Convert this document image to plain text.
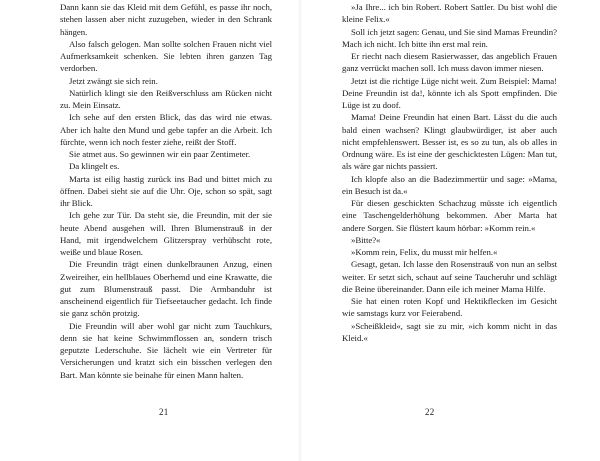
Dann kann sie das Kleid mit dem Gefühl, es passe ihr noch, stehen lassen aber nicht zuzugeben, wieder in den Schrank hängen.

Also falsch gelogen. Man sollte solchen Frauen nicht viel Aufmerksamkeit schenken. Sie lebten ihren ganzen Tag verdorben.

Jetzt zwängt sie sich rein.

Natürlich klingt sie den Reißverschluss am Rücken nicht zu. Mein Einsatz.

Ich sehe auf den ersten Blick, das das wird nie etwas. Aber ich halte den Mund und gebe tapfer an die Arbeit. Ich fürchte, wenn ich noch fester ziehe, reißt der Stoff.

Sie atmet aus. So gewinnen wir ein paar Zentimeter.

Da klingelt es.

Marta ist eilig hastig zurück ins Bad und bittet mich zu öffnen. Dabei sieht sie auf die Uhr. Oje, schon so spät, sagt ihr Blick.

Ich gehe zur Tür. Da steht sie, die Freundin, mit der sie heute Abend ausgehen will. Ihren Blumenstrauß in der Hand, mit irgendwelchem Glitzerspray verhübscht rote, weiße und blaue Rosen.

Die Freundin trägt einen dunkelbraunen Anzug, einen Zweireiher, ein hellblaues Oberhemd und eine Krawatte, die gut zum Blumenstrauß passt. Die Armbanduhr ist anscheinend eigentlich für Tiefseetaucher gedacht. Ich finde sie ganz schön protzig.

Die Freundin will aber wohl gar nicht zum Tauchkurs, denn sie hat keine Schwimmflossen an, sondern trisch geputzte Lederschuhe. Sie lächelt wie ein Vertreter für Versicherungen und kratzt sich ein bisschen verlegen den Bart. Man könnte sie beinahe für einen Mann halten.

21

»Ja Ihre... ich bin Robert. Robert Sattler. Du bist wohl die kleine Felix.«

Soll ich jetzt sagen: Genau, und Sie sind Mamas Freundin? Mach ich nicht. Ich bitte ihn erst mal rein.

Er riecht nach diesem Rasierwasser, das angeblich Frauen ganz verrückt machen soll. Ich muss davon immer niesen.

Jetzt ist die richtige Lüge nicht weit. Zum Beispiel: Mama! Deine Freundin ist da!, könnte ich als Spott empfinden. Die Lüge ist zu doof.

Mama! Deine Freundin hat einen Bart. Lässt du die auch bald einen wachsen? Klingt glaubwürdiger, ist aber auch nicht empfehlenswert. Besser ist, es so zu tun, als ob alles in Ordnung wäre. Es ist eine der geschicktesten Lügen: Man tut, als wäre gar nichts passiert.

Ich klopfe also an die Badezimmertür und sage: »Mama, ein Besuch ist da.«

Für diesen geschickten Schachzug müsste ich eigentlich eine Taschengelderhöhung bekommen. Aber Marta hat andere Sorgen. Sie flüstert kaum hörbar: »Komm rein.«

»Bitte?«

»Komm rein, Felix, du musst mir helfen.«

Gesagt, getan. Ich lasse den Rosenstrauß von nun an selbst weiter. Er setzt sich, schaut auf seine Taucheruhr und schlägt die Beine übereinander. Dann eile ich meiner Mama Hilfe.

Sie hat einen roten Kopf und Hektikflecken im Gesicht wie samstags kurz vor Feierabend.

»Scheißkleid«, sagt sie zu mir, »ich komm nicht in das Kleid.«

22
